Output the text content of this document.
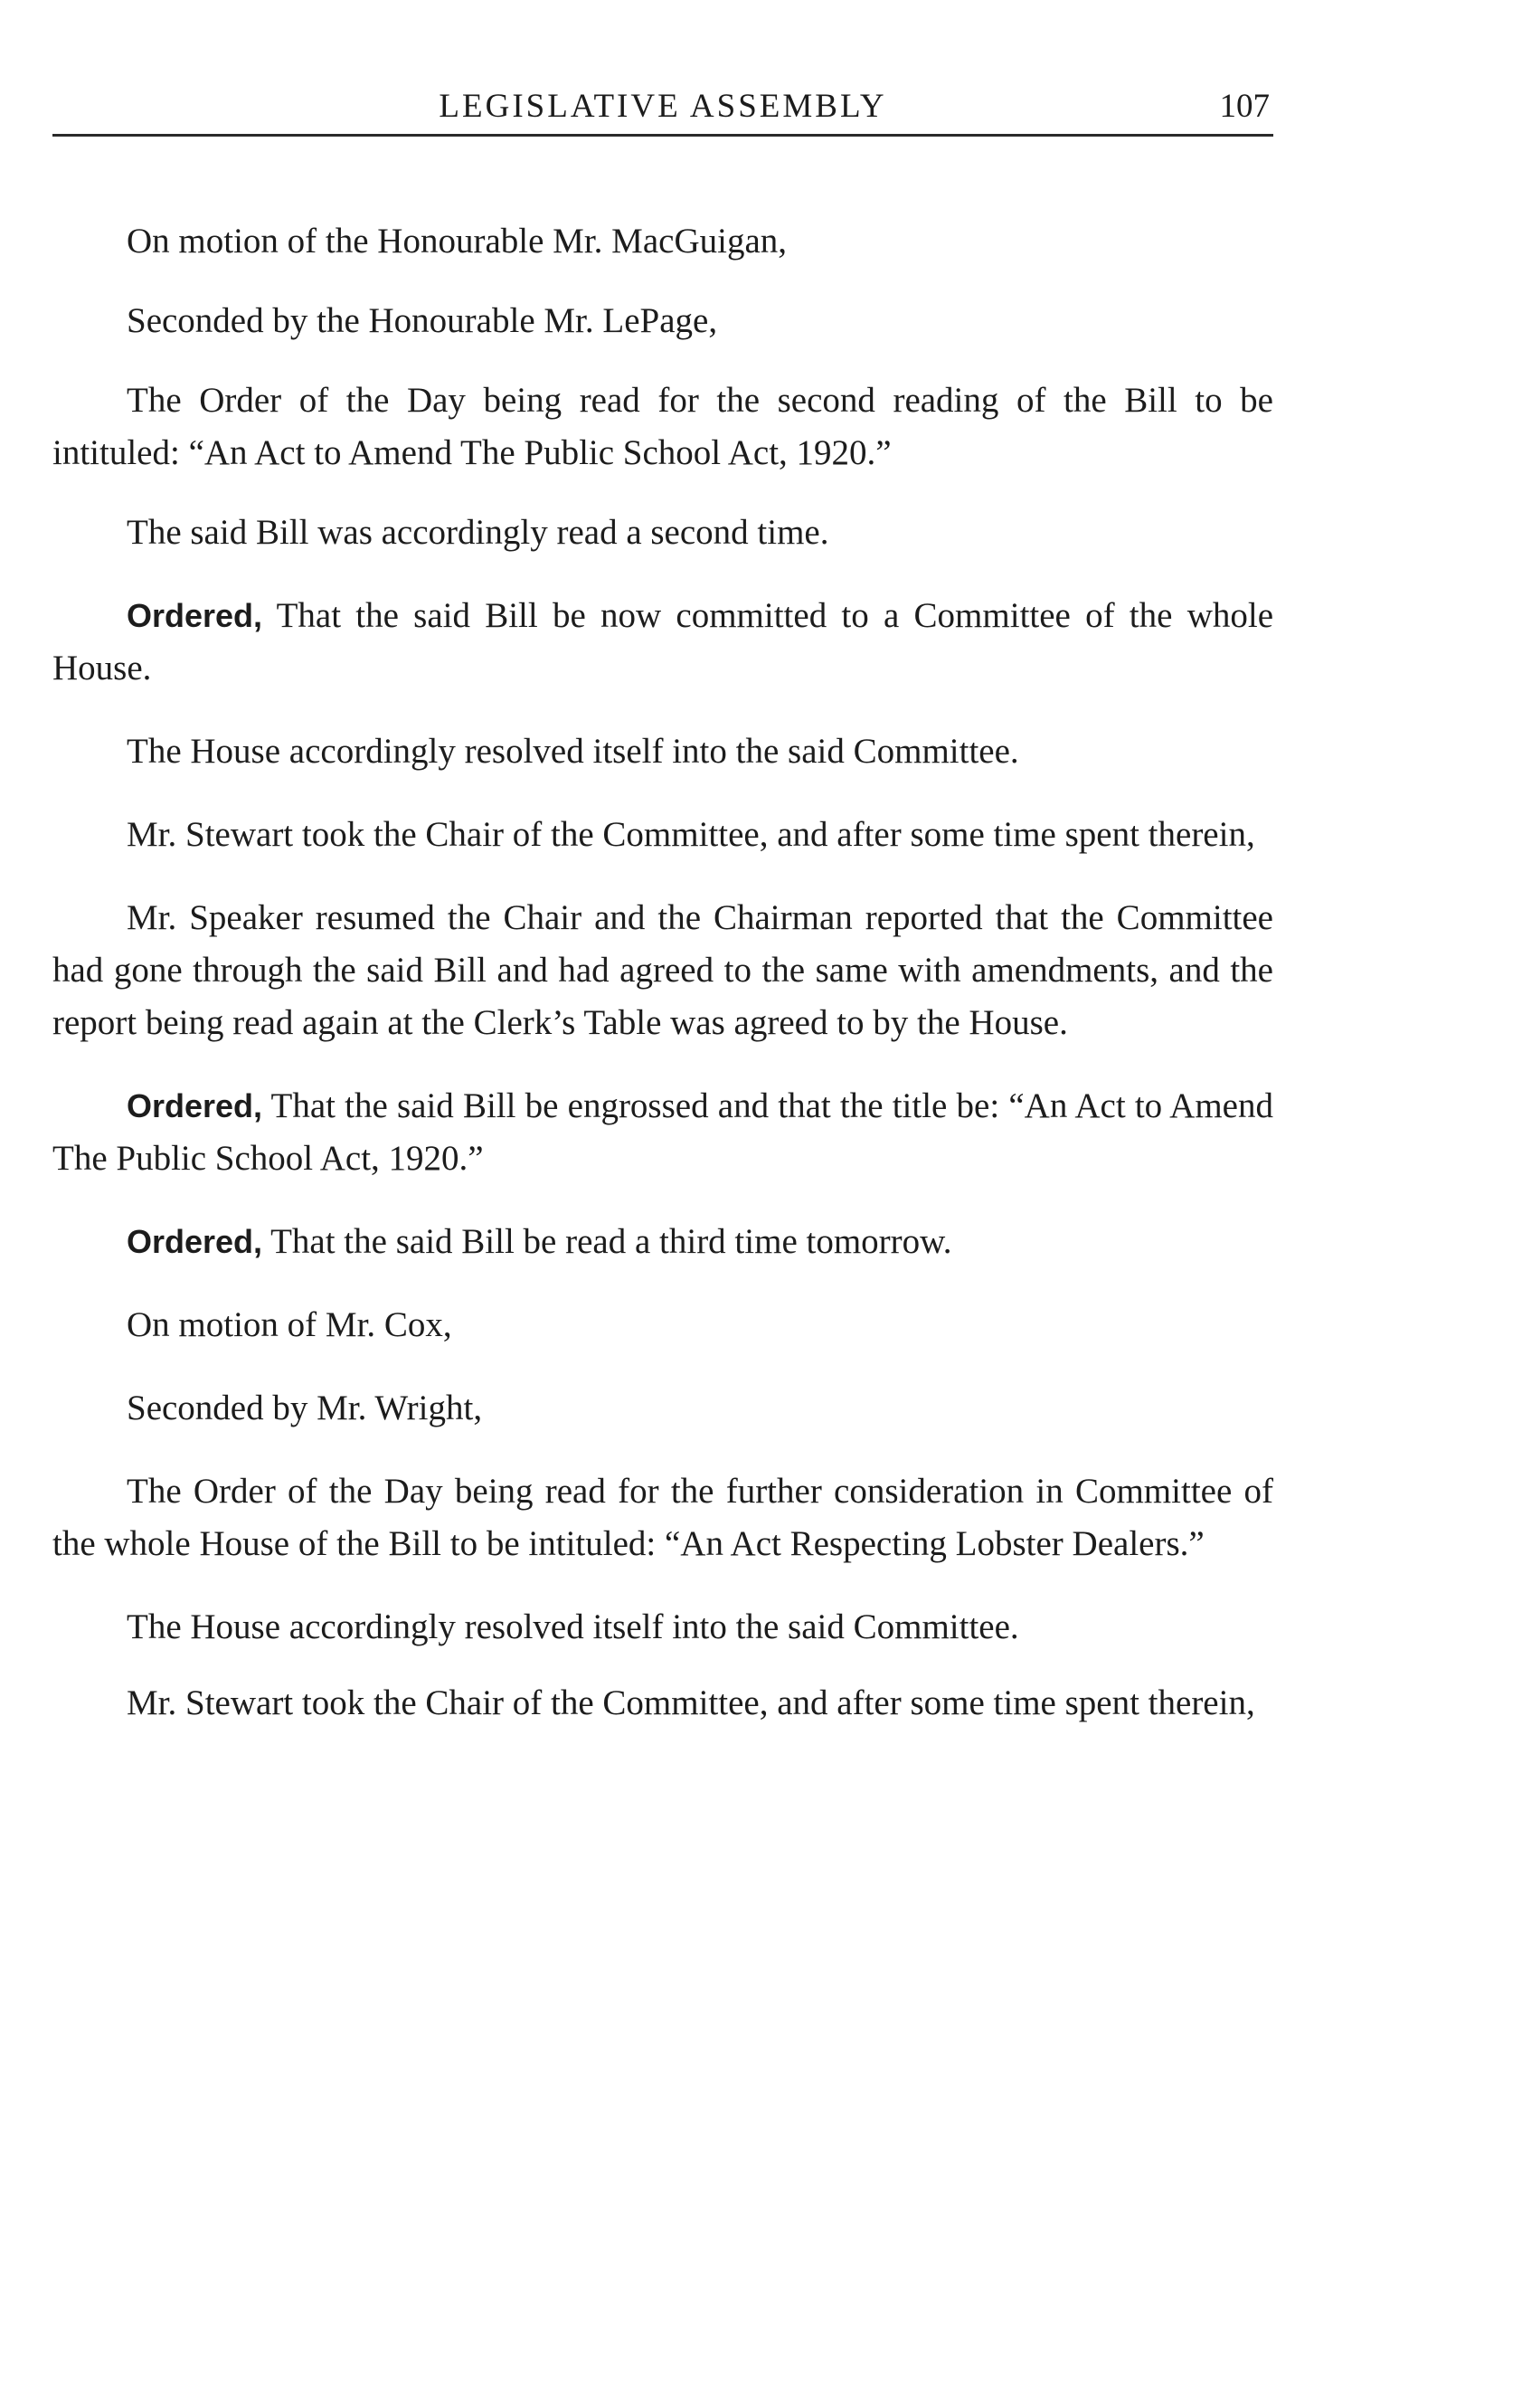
LEGISLATIVE ASSEMBLY	107

On motion of the Honourable Mr. MacGuigan,

Seconded by the Honourable Mr. LePage,

The Order of the Day being read for the second reading of the Bill to be intituled: “An Act to Amend The Public School Act, 1920.”

The said Bill was accordingly read a second time.

Ordered, That the said Bill be now committed to a Committee of the whole House.

The House accordingly resolved itself into the said Committee.

Mr. Stewart took the Chair of the Committee, and after some time spent therein,

Mr. Speaker resumed the Chair and the Chairman reported that the Committee had gone through the said Bill and had agreed to the same with amendments, and the report being read again at the Clerk’s Table was agreed to by the House.

Ordered, That the said Bill be engrossed and that the title be: “An Act to Amend The Public School Act, 1920.”

Ordered, That the said Bill be read a third time tomorrow.

On motion of Mr. Cox,

Seconded by Mr. Wright,

The Order of the Day being read for the further consideration in Committee of the whole House of the Bill to be intituled: “An Act Respecting Lobster Dealers.”

The House accordingly resolved itself into the said Committee.

Mr. Stewart took the Chair of the Committee, and after some time spent therein,
